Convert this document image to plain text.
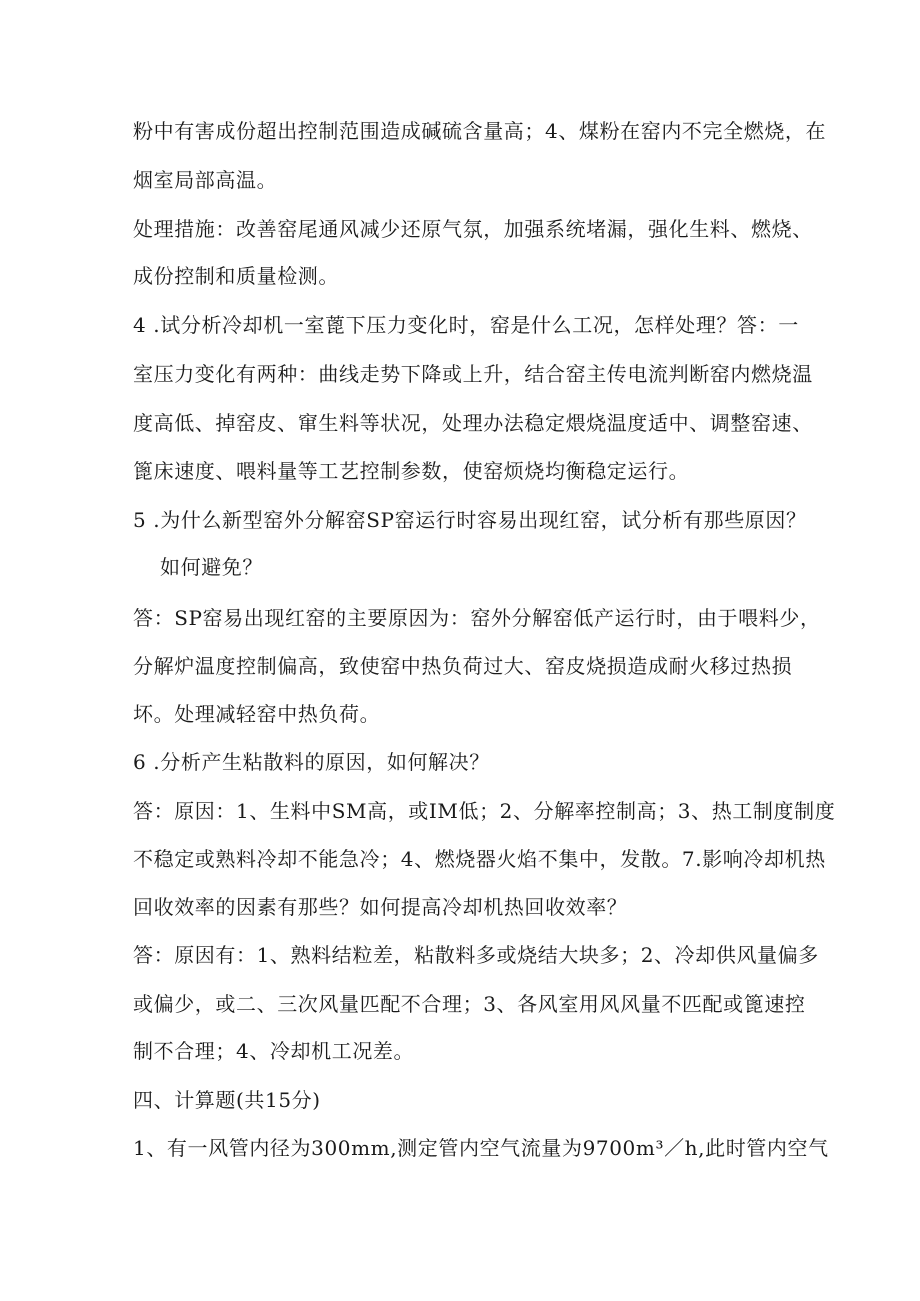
粉中有害成份超出控制范围造成碱硫含量高；4、煤粉在窑内不完全燃烧，在
烟室局部高温。
处理措施：改善窑尾通风减少还原气氛，加强系统堵漏，强化生料、燃烧、
成份控制和质量检测。
4 .试分析冷却机一室蓖下压力变化时，窑是什么工况，怎样处理？答：一
室压力变化有两种：曲线走势下降或上升，结合窑主传电流判断窑内燃烧温
度高低、掉窑皮、窜生料等状况，处理办法稳定煨烧温度适中、调整窑速、
篦床速度、喂料量等工艺控制参数，使窑烦烧均衡稳定运行。
5 .为什么新型窑外分解窑SP窑运行时容易出现红窑，试分析有那些原因？
如何避免？
答：SP窑易出现红窑的主要原因为：窑外分解窑低产运行时，由于喂料少，
分解炉温度控制偏高，致使窑中热负荷过大、窑皮烧损造成耐火移过热损
坏。处理减轻窑中热负荷。
6 .分析产生粘散料的原因，如何解决？
答：原因：1、生料中SM高，或IM低；2、分解率控制高；3、热工制度制度
不稳定或熟料冷却不能急冷；4、燃烧器火焰不集中，发散。7.影响冷却机热
回收效率的因素有那些？如何提高冷却机热回收效率？
答：原因有：1、熟料结粒差，粘散料多或烧结大块多；2、冷却供风量偏多
或偏少，或二、三次风量匹配不合理；3、各风室用风风量不匹配或篦速控
制不合理；4、冷却机工况差。
四、计算题(共15分)
1、有一风管内径为300mm,测定管内空气流量为9700m³／h,此时管内空气
